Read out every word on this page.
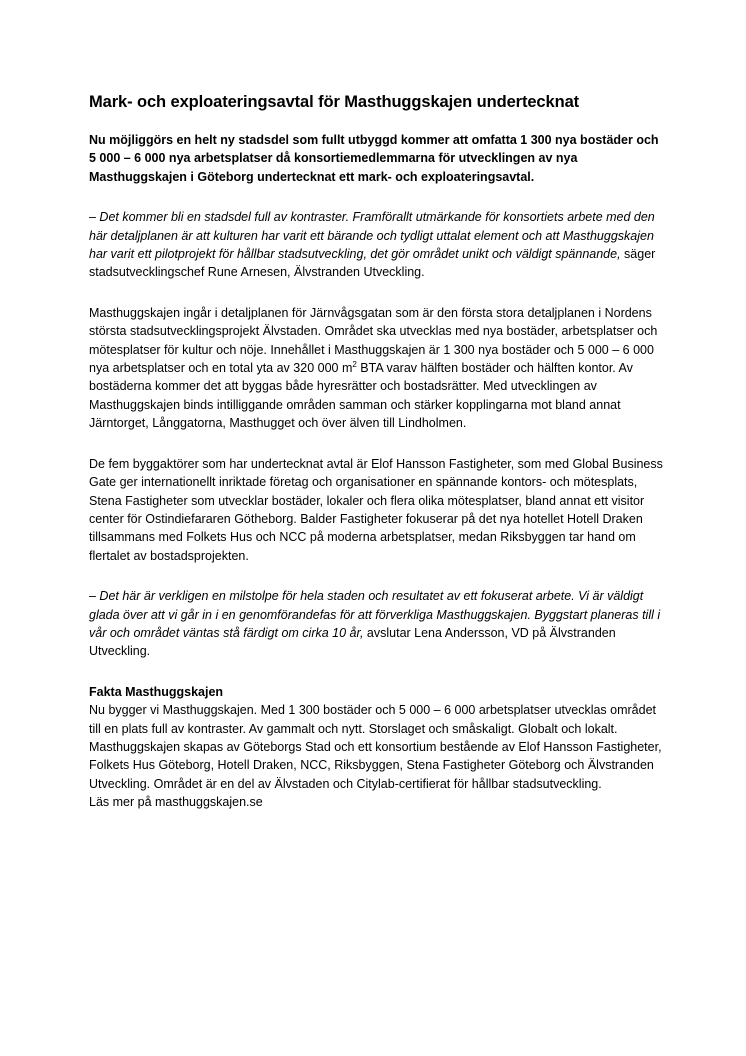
Mark- och exploateringsavtal för Masthuggskajen undertecknat

Nu möjliggörs en helt ny stadsdel som fullt utbyggd kommer att omfatta 1 300 nya bostäder och 5 000 – 6 000 nya arbetsplatser då konsortiemedlemmarna för utvecklingen av nya Masthuggskajen i Göteborg undertecknat ett mark- och exploateringsavtal.

– Det kommer bli en stadsdel full av kontraster. Framförallt utmärkande för konsortiets arbete med den här detaljplanen är att kulturen har varit ett bärande och tydligt uttalat element och att Masthuggskajen har varit ett pilotprojekt för hållbar stadsutveckling, det gör området unikt och väldigt spännande, säger stadsutvecklingschef Rune Arnesen, Älvstranden Utveckling.

Masthuggskajen ingår i detaljplanen för Järnvågsgatan som är den första stora detaljplanen i Nordens största stadsutvecklingsprojekt Älvstaden. Området ska utvecklas med nya bostäder, arbetsplatser och mötesplatser för kultur och nöje. Innehållet i Masthuggskajen är 1 300 nya bostäder och 5 000 – 6 000 nya arbetsplatser och en total yta av 320 000 $m^2$ BTA varav hälften bostäder och hälften kontor. Av bostäderna kommer det att byggas både hyresrätter och bostadsrätter. Med utvecklingen av Masthuggskajen binds intilliggande områden samman och stärker kopplingarna mot bland annat Järntorget, Långgatorna, Masthugget och över älven till Lindholmen.

De fem byggaktörer som har undertecknat avtal är Elof Hansson Fastigheter, som med Global Business Gate ger internationellt inriktade företag och organisationer en spännande kontors- och mötesplats, Stena Fastigheter som utvecklar bostäder, lokaler och flera olika mötesplatser, bland annat ett visitor center för Ostindiefararen Götheborg. Balder Fastigheter fokuserar på det nya hotellet Hotell Draken tillsammans med Folkets Hus och NCC på moderna arbetsplatser, medan Riksbyggen tar hand om flertalet av bostadsprojekten.

– Det här är verkligen en milstolpe för hela staden och resultatet av ett fokuserat arbete. Vi är väldigt glada över att vi går in i en genomförandefas för att förverkliga Masthuggskajen. Byggstart planeras till i vår och området väntas stå färdigt om cirka 10 år, avslutar Lena Andersson, VD på Älvstranden Utveckling.

Fakta Masthuggskajen
Nu bygger vi Masthuggskajen. Med 1 300 bostäder och 5 000 – 6 000 arbetsplatser utvecklas området till en plats full av kontraster. Av gammalt och nytt. Storslaget och småskaligt. Globalt och lokalt. Masthuggskajen skapas av Göteborgs Stad och ett konsortium bestående av Elof Hansson Fastigheter, Folkets Hus Göteborg, Hotell Draken, NCC, Riksbyggen, Stena Fastigheter Göteborg och Älvstranden Utveckling. Området är en del av Älvstaden och Citylab-certifierat för hållbar stadsutveckling.
Läs mer på masthuggskajen.se
